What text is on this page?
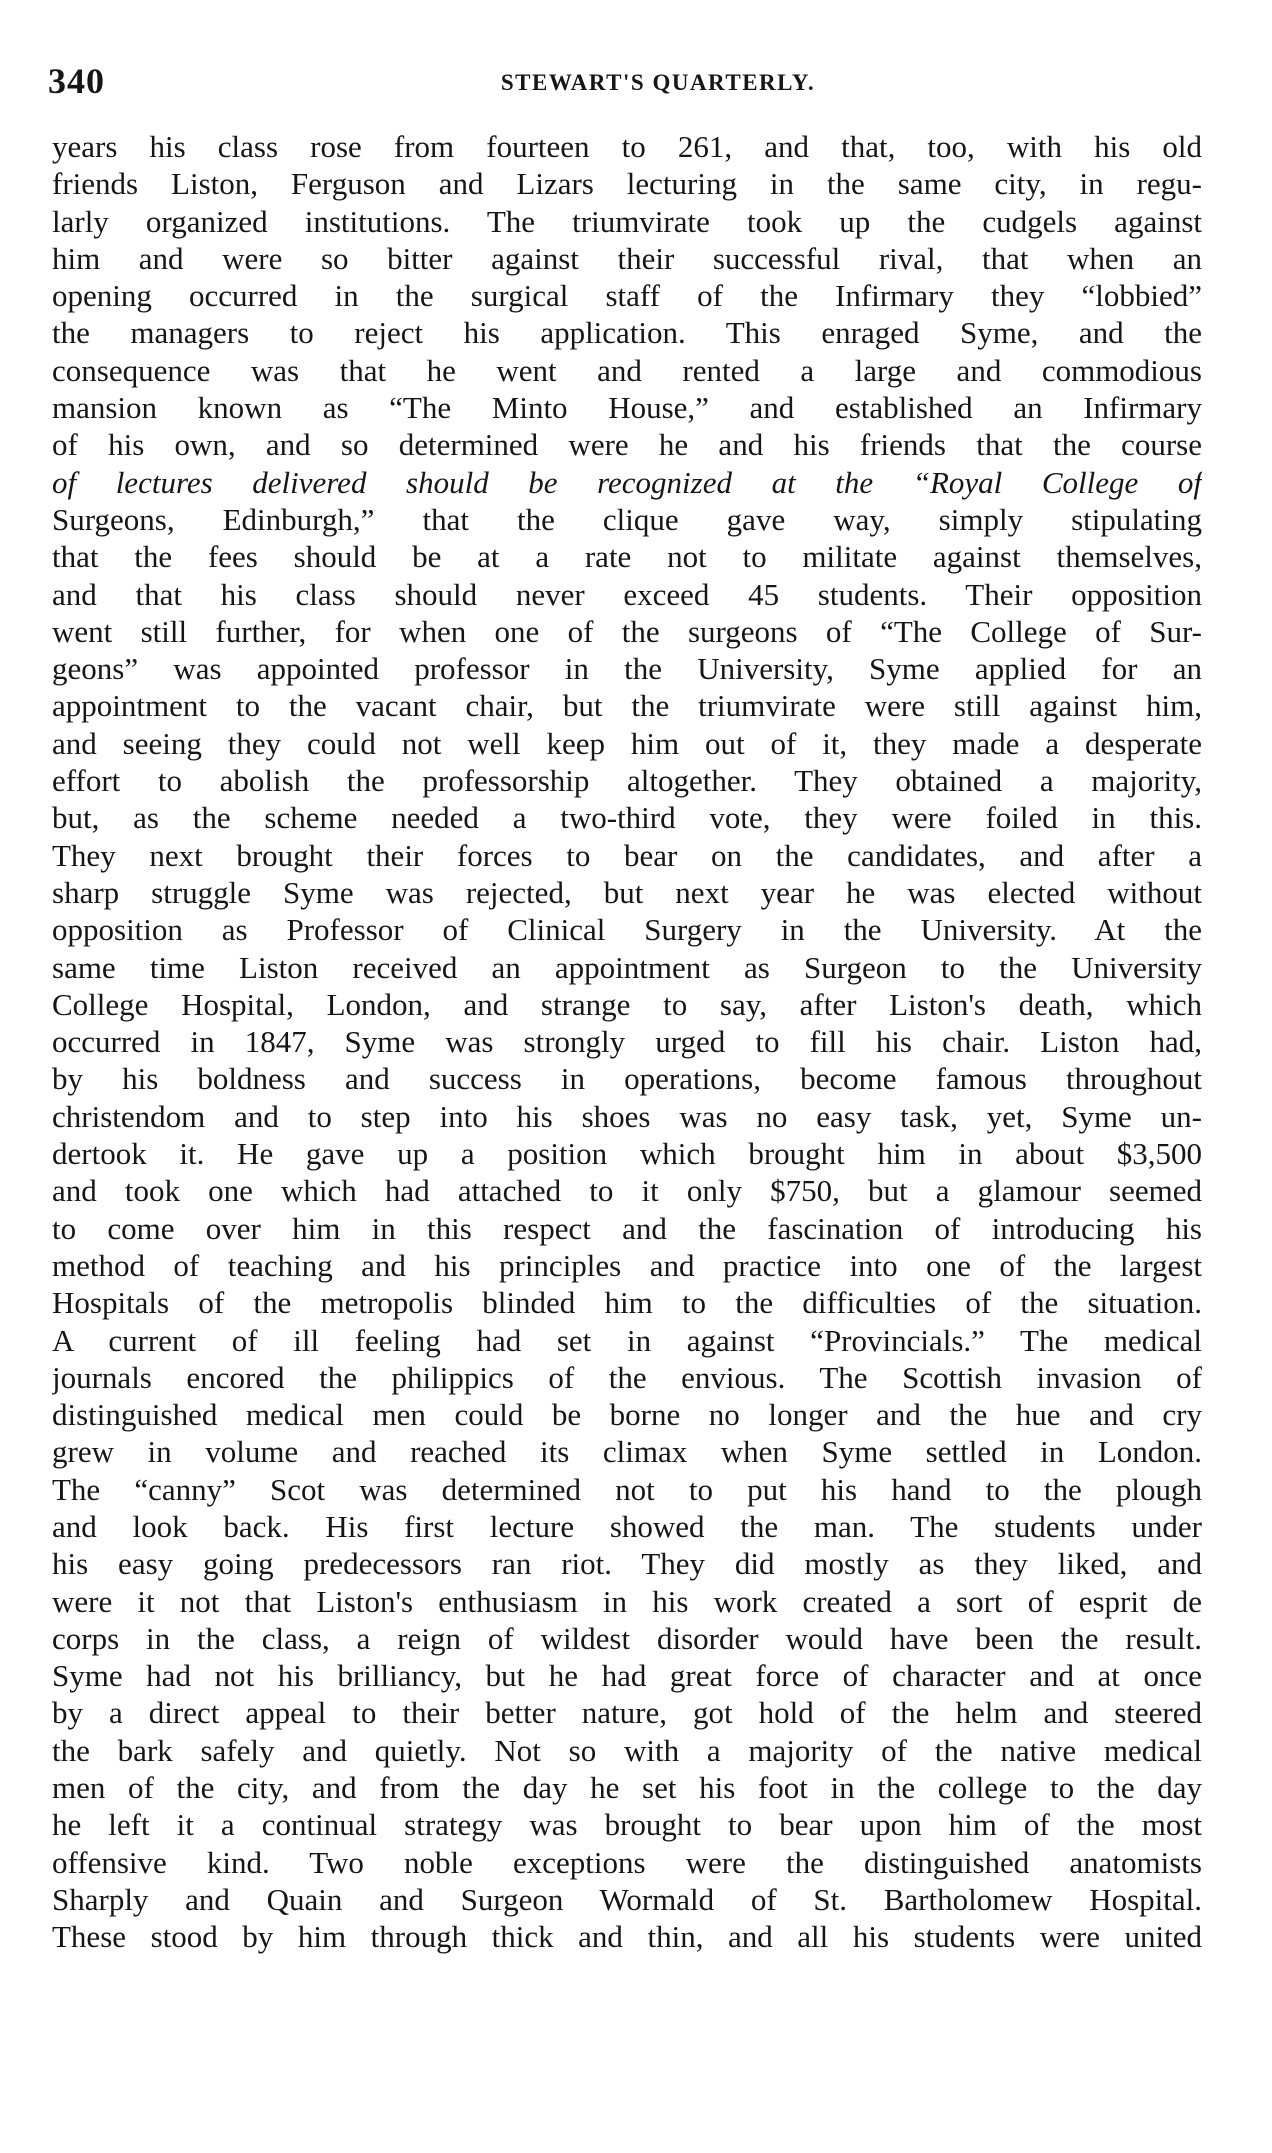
340	STEWART'S QUARTERLY.
years his class rose from fourteen to 261, and that, too, with his old
friends Liston, Ferguson and Lizars lecturing in the same city, in regu-
larly organized institutions. The triumvirate took up the cudgels against
him and were so bitter against their successful rival, that when an
opening occurred in the surgical staff of the Infirmary they “lobbied”
the managers to reject his application. This enraged Syme, and the
consequence was that he went and rented a large and commodious
mansion known as “The Minto House,” and established an Infirmary
of his own, and so determined were he and his friends that the course
of lectures delivered should be recognized at the “Royal College of
Surgeons, Edinburgh,” that the clique gave way, simply stipulating
that the fees should be at a rate not to militate against themselves,
and that his class should never exceed 45 students. Their opposition
went still further, for when one of the surgeons of “The College of Sur-
geons” was appointed professor in the University, Syme applied for an
appointment to the vacant chair, but the triumvirate were still against him,
and seeing they could not well keep him out of it, they made a desperate
effort to abolish the professorship altogether. They obtained a majority,
but, as the scheme needed a two-third vote, they were foiled in this.
They next brought their forces to bear on the candidates, and after a
sharp struggle Syme was rejected, but next year he was elected without
opposition as Professor of Clinical Surgery in the University. At the
same time Liston received an appointment as Surgeon to the University
College Hospital, London, and strange to say, after Liston's death, which
occurred in 1847, Syme was strongly urged to fill his chair. Liston had,
by his boldness and success in operations, become famous throughout
christendom and to step into his shoes was no easy task, yet, Syme un-
dertook it. He gave up a position which brought him in about $3,500
and took one which had attached to it only $750, but a glamour seemed
to come over him in this respect and the fascination of introducing his
method of teaching and his principles and practice into one of the largest
Hospitals of the metropolis blinded him to the difficulties of the situation.
A current of ill feeling had set in against “Provincials.” The medical
journals encored the philippics of the envious. The Scottish invasion of
distinguished medical men could be borne no longer and the hue and cry
grew in volume and reached its climax when Syme settled in London.
The “canny” Scot was determined not to put his hand to the plough
and look back. His first lecture showed the man. The students under
his easy going predecessors ran riot. They did mostly as they liked, and
were it not that Liston's enthusiasm in his work created a sort of esprit de
corps in the class, a reign of wildest disorder would have been the result.
Syme had not his brilliancy, but he had great force of character and at once
by a direct appeal to their better nature, got hold of the helm and steered
the bark safely and quietly. Not so with a majority of the native medical
men of the city, and from the day he set his foot in the college to the day
he left it a continual strategy was brought to bear upon him of the most
offensive kind. Two noble exceptions were the distinguished anatomists
Sharply and Quain and Surgeon Wormald of St. Bartholomew Hospital.
These stood by him through thick and thin, and all his students were united
